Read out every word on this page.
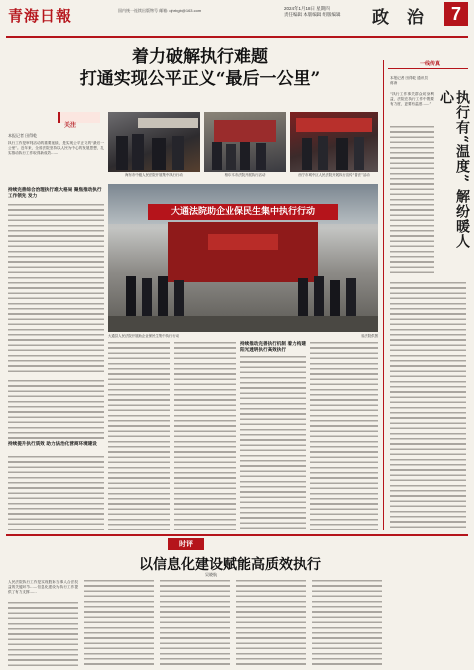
青海日報	国内统一连续出版物号 邮箱: qhrbgb@163.com	2024年1月18日 星期四
责任编辑 本版编辑 组版编辑	政 治	7
着力破解执行难题
打通实现公平正义“最后一公里”
关注
本报记者 田得乾
执行工作是审判活动的重要延续，是实现公平正义的“最后一公里”。近年来，全省法院坚持以人民为中心的发展思想，扎实推动执行工作取得新成效……
持续完善综合治理执行难大格局 聚焦推动执行工作领先 发力
持续提升执行质效 助力法治化营商环境建设
海东市中级人民法院开展集中执行行动	格尔木市法院开展执行活动	西宁市城中区人民法院开展执行宣传“普法”活动
大通法院助企业保民生集中执行行动
大通县人民法院开展助企业保民生集中执行行动	省法院供图
持续推动完善执行机制 着力构建阳光透明执行高效执行
一线传真
本报记者 田得乾 通讯员 蒋涛
执行有“温度” 解纷暖人心
“执行工作事关群众切身利益，法院在执行工作中既要有力度，更要有温度……”
时评
以信息化建设赋能高质效执行
吴晓航
人民法院执行工作是实现胜诉当事人合法权益的关键环节……信息化建设为执行工作提供了有力支撑……
